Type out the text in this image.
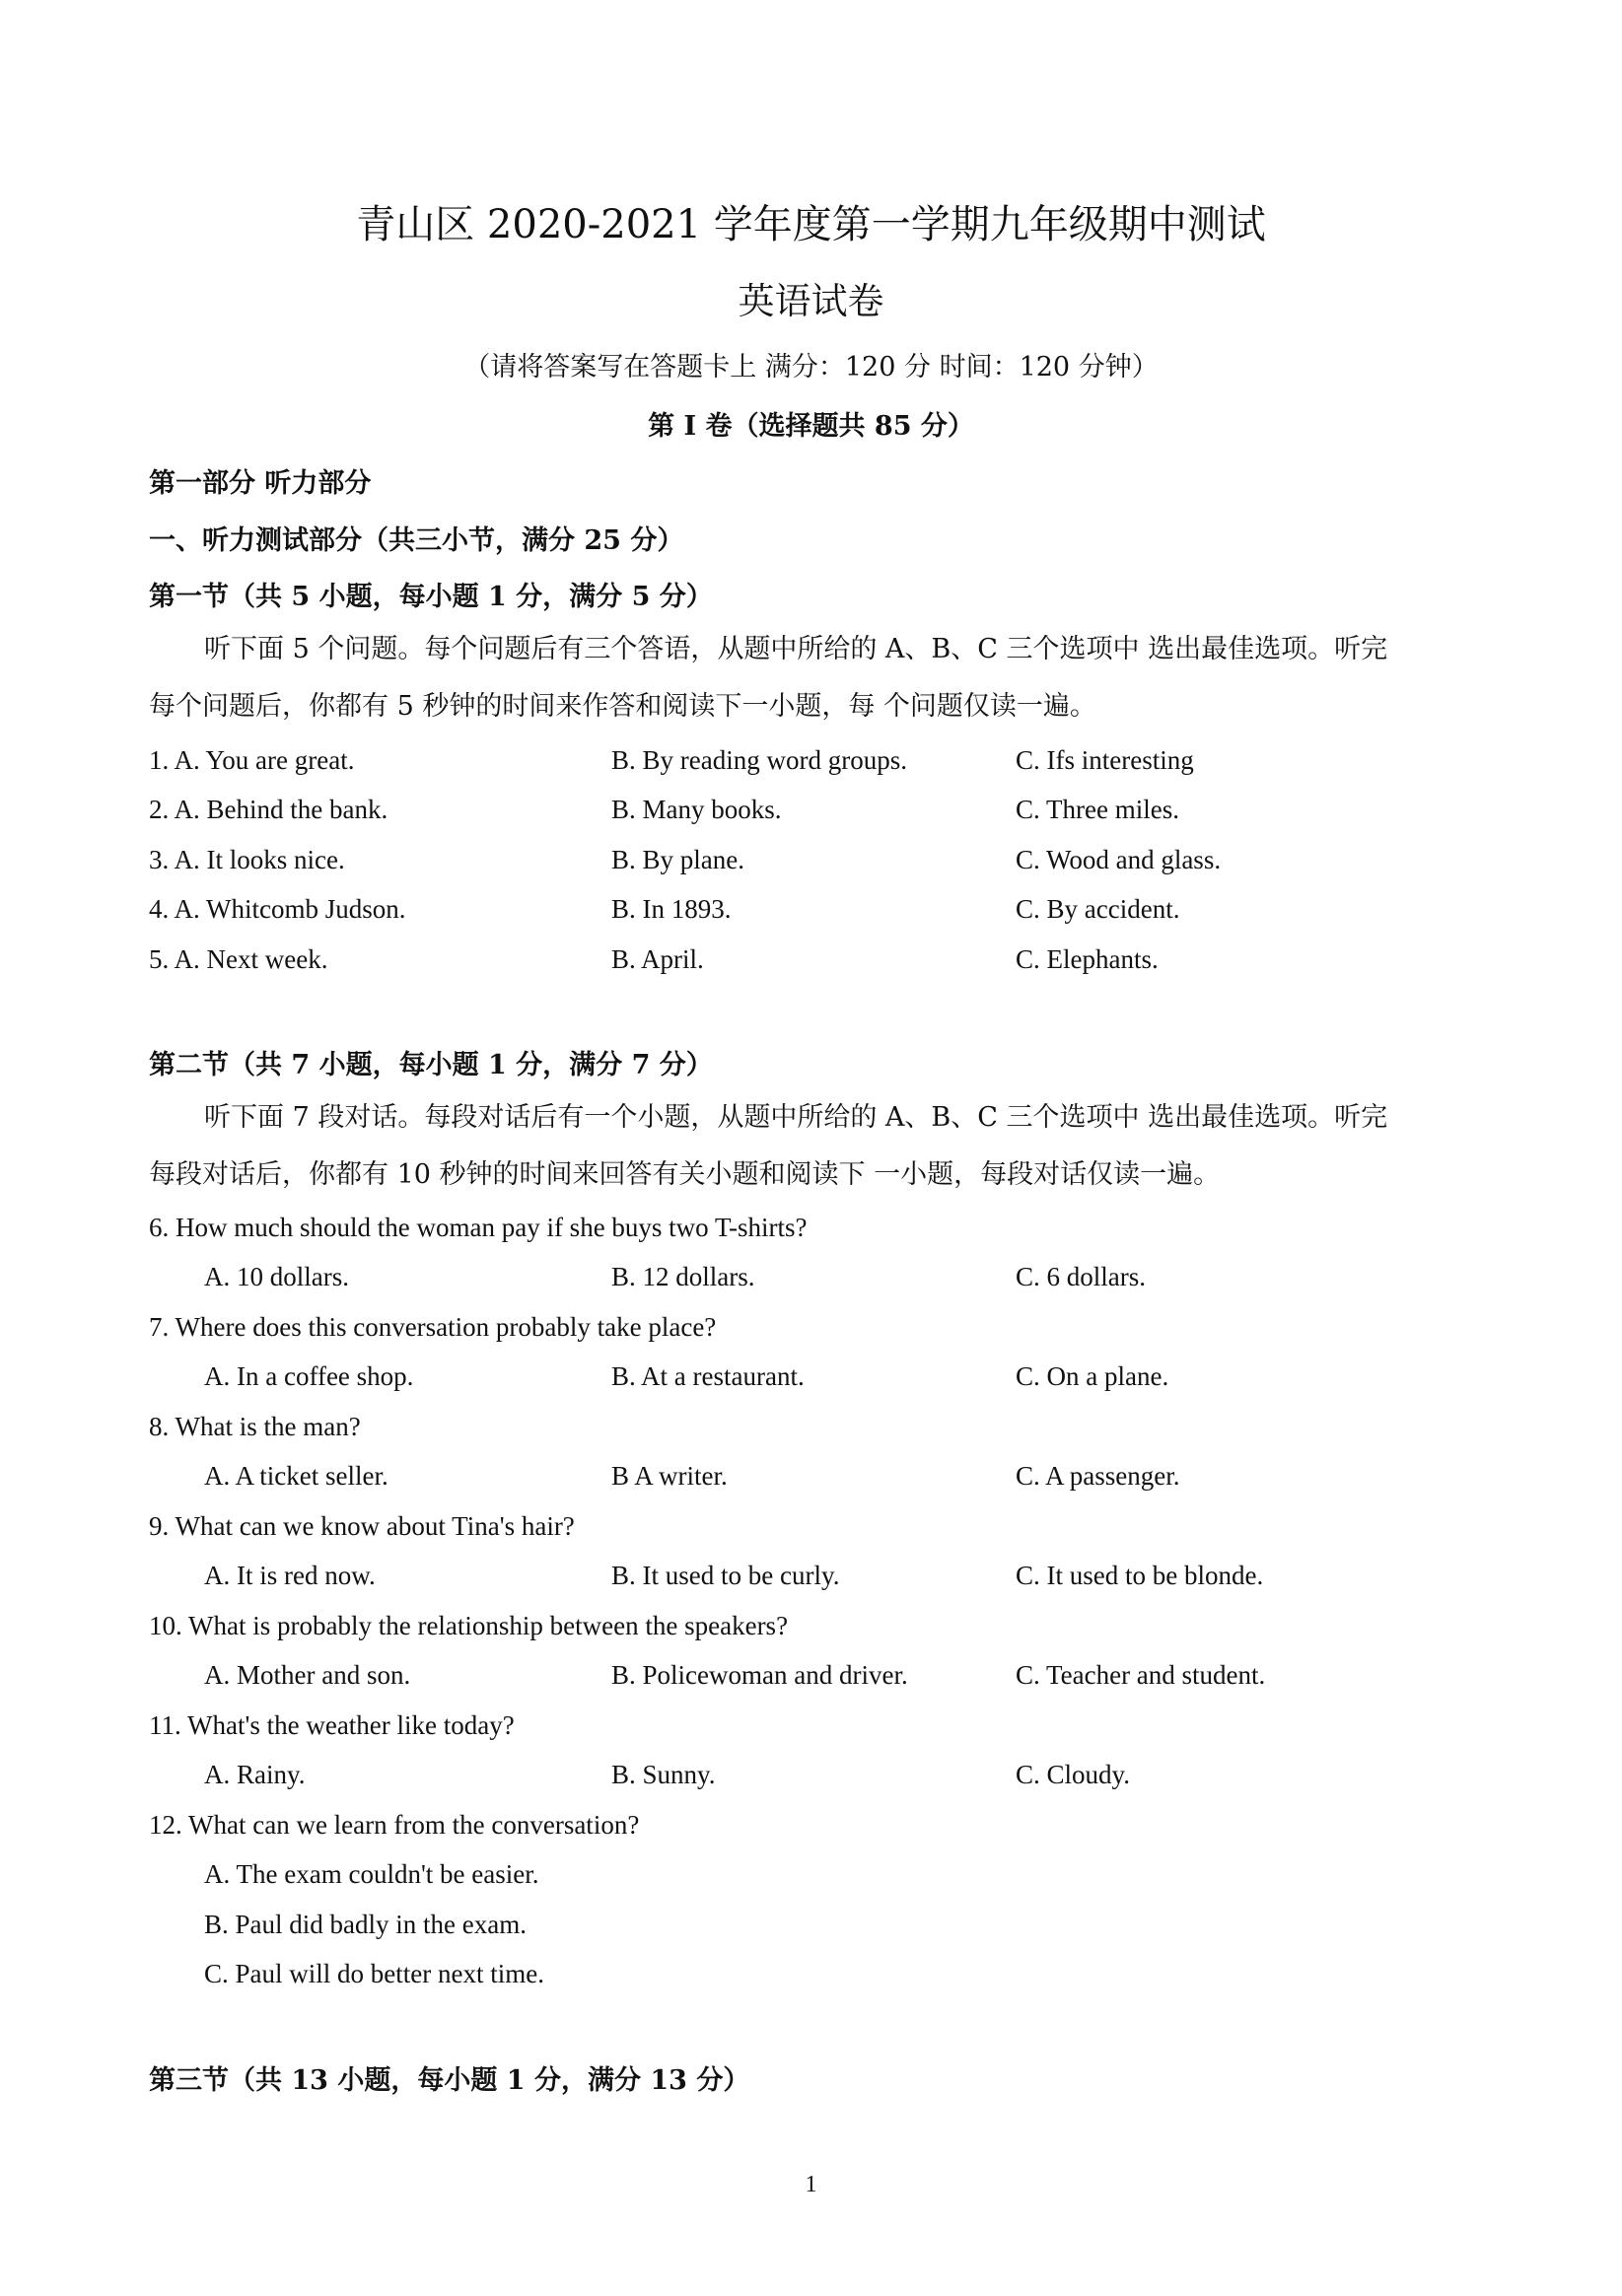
青山区 2020-2021 学年度第一学期九年级期中测试
英语试卷
（请将答案写在答题卡上 满分：120 分 时间：120 分钟）
第 I 卷（选择题共 85 分）
第一部分 听力部分
一、听力测试部分（共三小节，满分 25 分）
第一节（共 5 小题，每小题 1 分，满分 5 分）
听下面 5 个问题。每个问题后有三个答语，从题中所给的 A、B、C 三个选项中 选出最佳选项。听完
每个问题后，你都有 5 秒钟的时间来作答和阅读下一小题，每 个问题仅读一遍。
1. A. You are great.	B. By reading word groups.	C. Ifs interesting
2. A. Behind the bank.	B. Many books.	C. Three miles.
3. A. It looks nice.	B. By plane.	C. Wood and glass.
4. A. Whitcomb Judson.	B. In 1893.	C. By accident.
5. A. Next week.	B. April.	C. Elephants.
第二节（共 7 小题，每小题 1 分，满分 7 分）
听下面 7 段对话。每段对话后有一个小题，从题中所给的 A、B、C 三个选项中 选出最佳选项。听完
每段对话后，你都有 10 秒钟的时间来回答有关小题和阅读下 一小题，每段对话仅读一遍。
6. How much should the woman pay if she buys two T-shirts?
A. 10 dollars.	B. 12 dollars.	C. 6 dollars.
7. Where does this conversation probably take place?
A. In a coffee shop.	B. At a restaurant.	C. On a plane.
8. What is the man?
A. A ticket seller.	B A writer.	C. A passenger.
9. What can we know about Tina's hair?
A. It is red now.	B. It used to be curly.	C. It used to be blonde.
10. What is probably the relationship between the speakers?
A. Mother and son.	B. Policewoman and driver.	C. Teacher and student.
11. What's the weather like today?
A. Rainy.	B. Sunny.	C. Cloudy.
12. What can we learn from the conversation?
A. The exam couldn't be easier.
B. Paul did badly in the exam.
C. Paul will do better next time.
第三节（共 13 小题，每小题 1 分，满分 13 分）
1
